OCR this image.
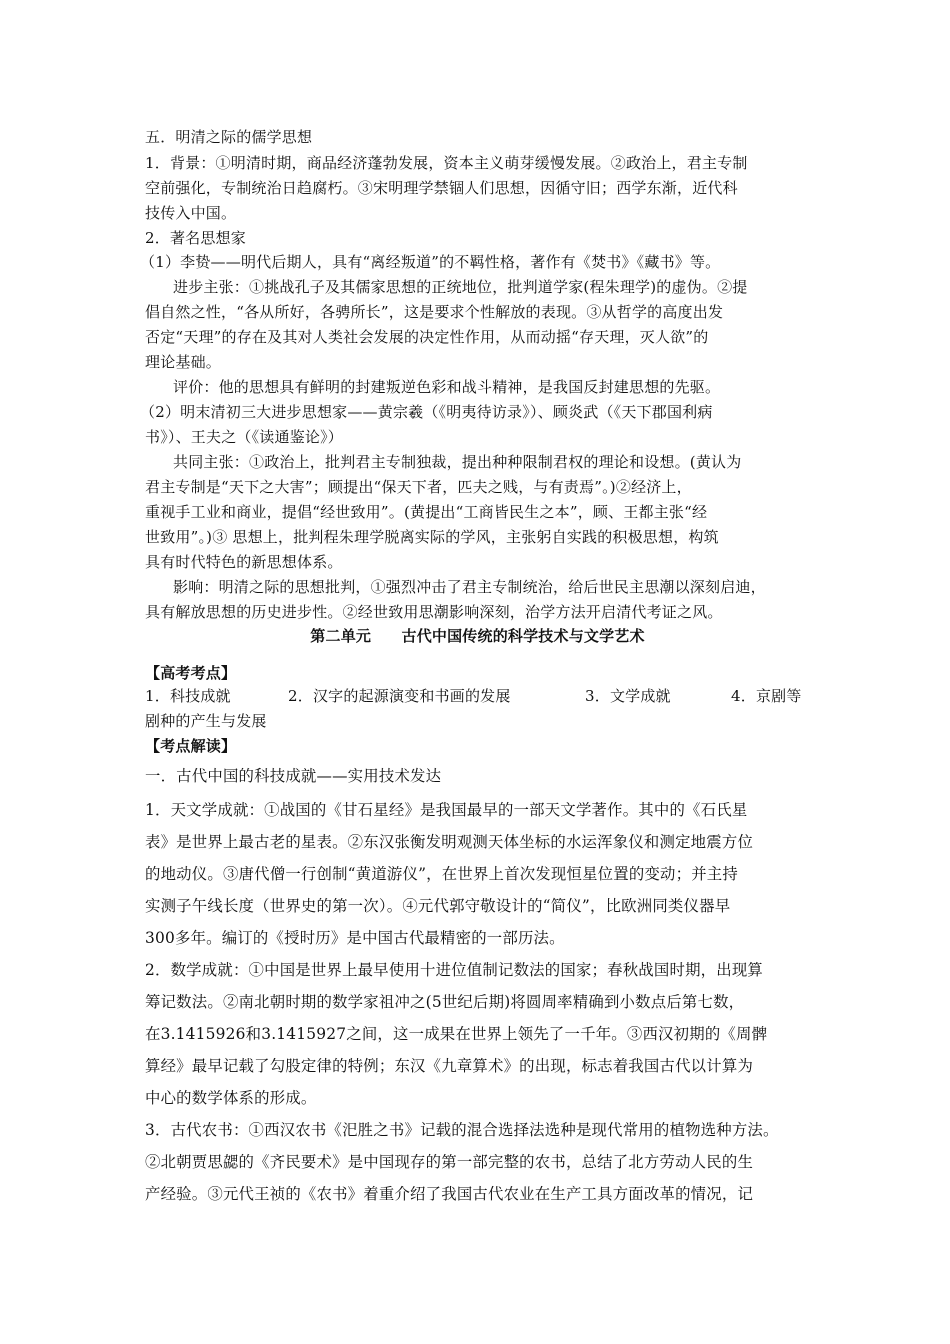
五．明清之际的儒学思想
1．背景：①明清时期，商品经济蓬勃发展，资本主义萌芽缓慢发展。②政治上，君主专制
空前强化，专制统治日趋腐朽。③宋明理学禁锢人们思想，因循守旧；西学东渐，近代科
技传入中国。
2．著名思想家
（1）李贽——明代后期人，具有“离经叛道”的不羁性格，著作有《焚书》《藏书》等。
进步主张：①挑战孔子及其儒家思想的正统地位，批判道学家(程朱理学)的虚伪。②提
倡自然之性，“各从所好，各骋所长”，这是要求个性解放的表现。③从哲学的高度出发
否定“天理”的存在及其对人类社会发展的决定性作用，从而动摇“存天理，灭人欲”的
理论基础。
评价：他的思想具有鲜明的封建叛逆色彩和战斗精神，是我国反封建思想的先驱。
（2）明末清初三大进步思想家——黄宗羲（《明夷待访录》）、顾炎武（《天下郡国利病
书》）、王夫之（《读通鉴论》）
共同主张：①政治上，批判君主专制独裁，提出种种限制君权的理论和设想。(黄认为
君主专制是“天下之大害”；顾提出“保天下者，匹夫之贱，与有责焉”。)②经济上，
重视手工业和商业，提倡“经世致用”。(黄提出“工商皆民生之本”，顾、王都主张“经
世致用”。)③ 思想上，批判程朱理学脱离实际的学风，主张躬自实践的积极思想，构筑
具有时代特色的新思想体系。
影响：明清之际的思想批判，①强烈冲击了君主专制统治，给后世民主思潮以深刻启迪，
具有解放思想的历史进步性。②经世致用思潮影响深刻，治学方法开启清代考证之风。
第二单元　　古代中国传统的科学技术与文学艺术
【高考考点】
1．科技成就	2．汉字的起源演变和书画的发展	3．文学成就	4．京剧等
剧种的产生与发展
【考点解读】
一．古代中国的科技成就——实用技术发达
1．天文学成就：①战国的《甘石星经》是我国最早的一部天文学著作。其中的《石氏星
表》是世界上最古老的星表。②东汉张衡发明观测天体坐标的水运浑象仪和测定地震方位
的地动仪。③唐代僧一行创制“黄道游仪”，在世界上首次发现恒星位置的变动；并主持
实测子午线长度（世界史的第一次）。④元代郭守敬设计的“简仪”，比欧洲同类仪器早
300多年。编订的《授时历》是中国古代最精密的一部历法。
2．数学成就：①中国是世界上最早使用十进位值制记数法的国家；春秋战国时期，出现算
筹记数法。②南北朝时期的数学家祖冲之(5世纪后期)将圆周率精确到小数点后第七数，
在3.1415926和3.1415927之间，这一成果在世界上领先了一千年。③西汉初期的《周髀
算经》最早记载了勾股定律的特例；东汉《九章算术》的出现，标志着我国古代以计算为
中心的数学体系的形成。
3．古代农书：①西汉农书《汜胜之书》记载的混合选择法选种是现代常用的植物选种方法。
②北朝贾思勰的《齐民要术》是中国现存的第一部完整的农书，总结了北方劳动人民的生
产经验。③元代王祯的《农书》着重介绍了我国古代农业在生产工具方面改革的情况，记
